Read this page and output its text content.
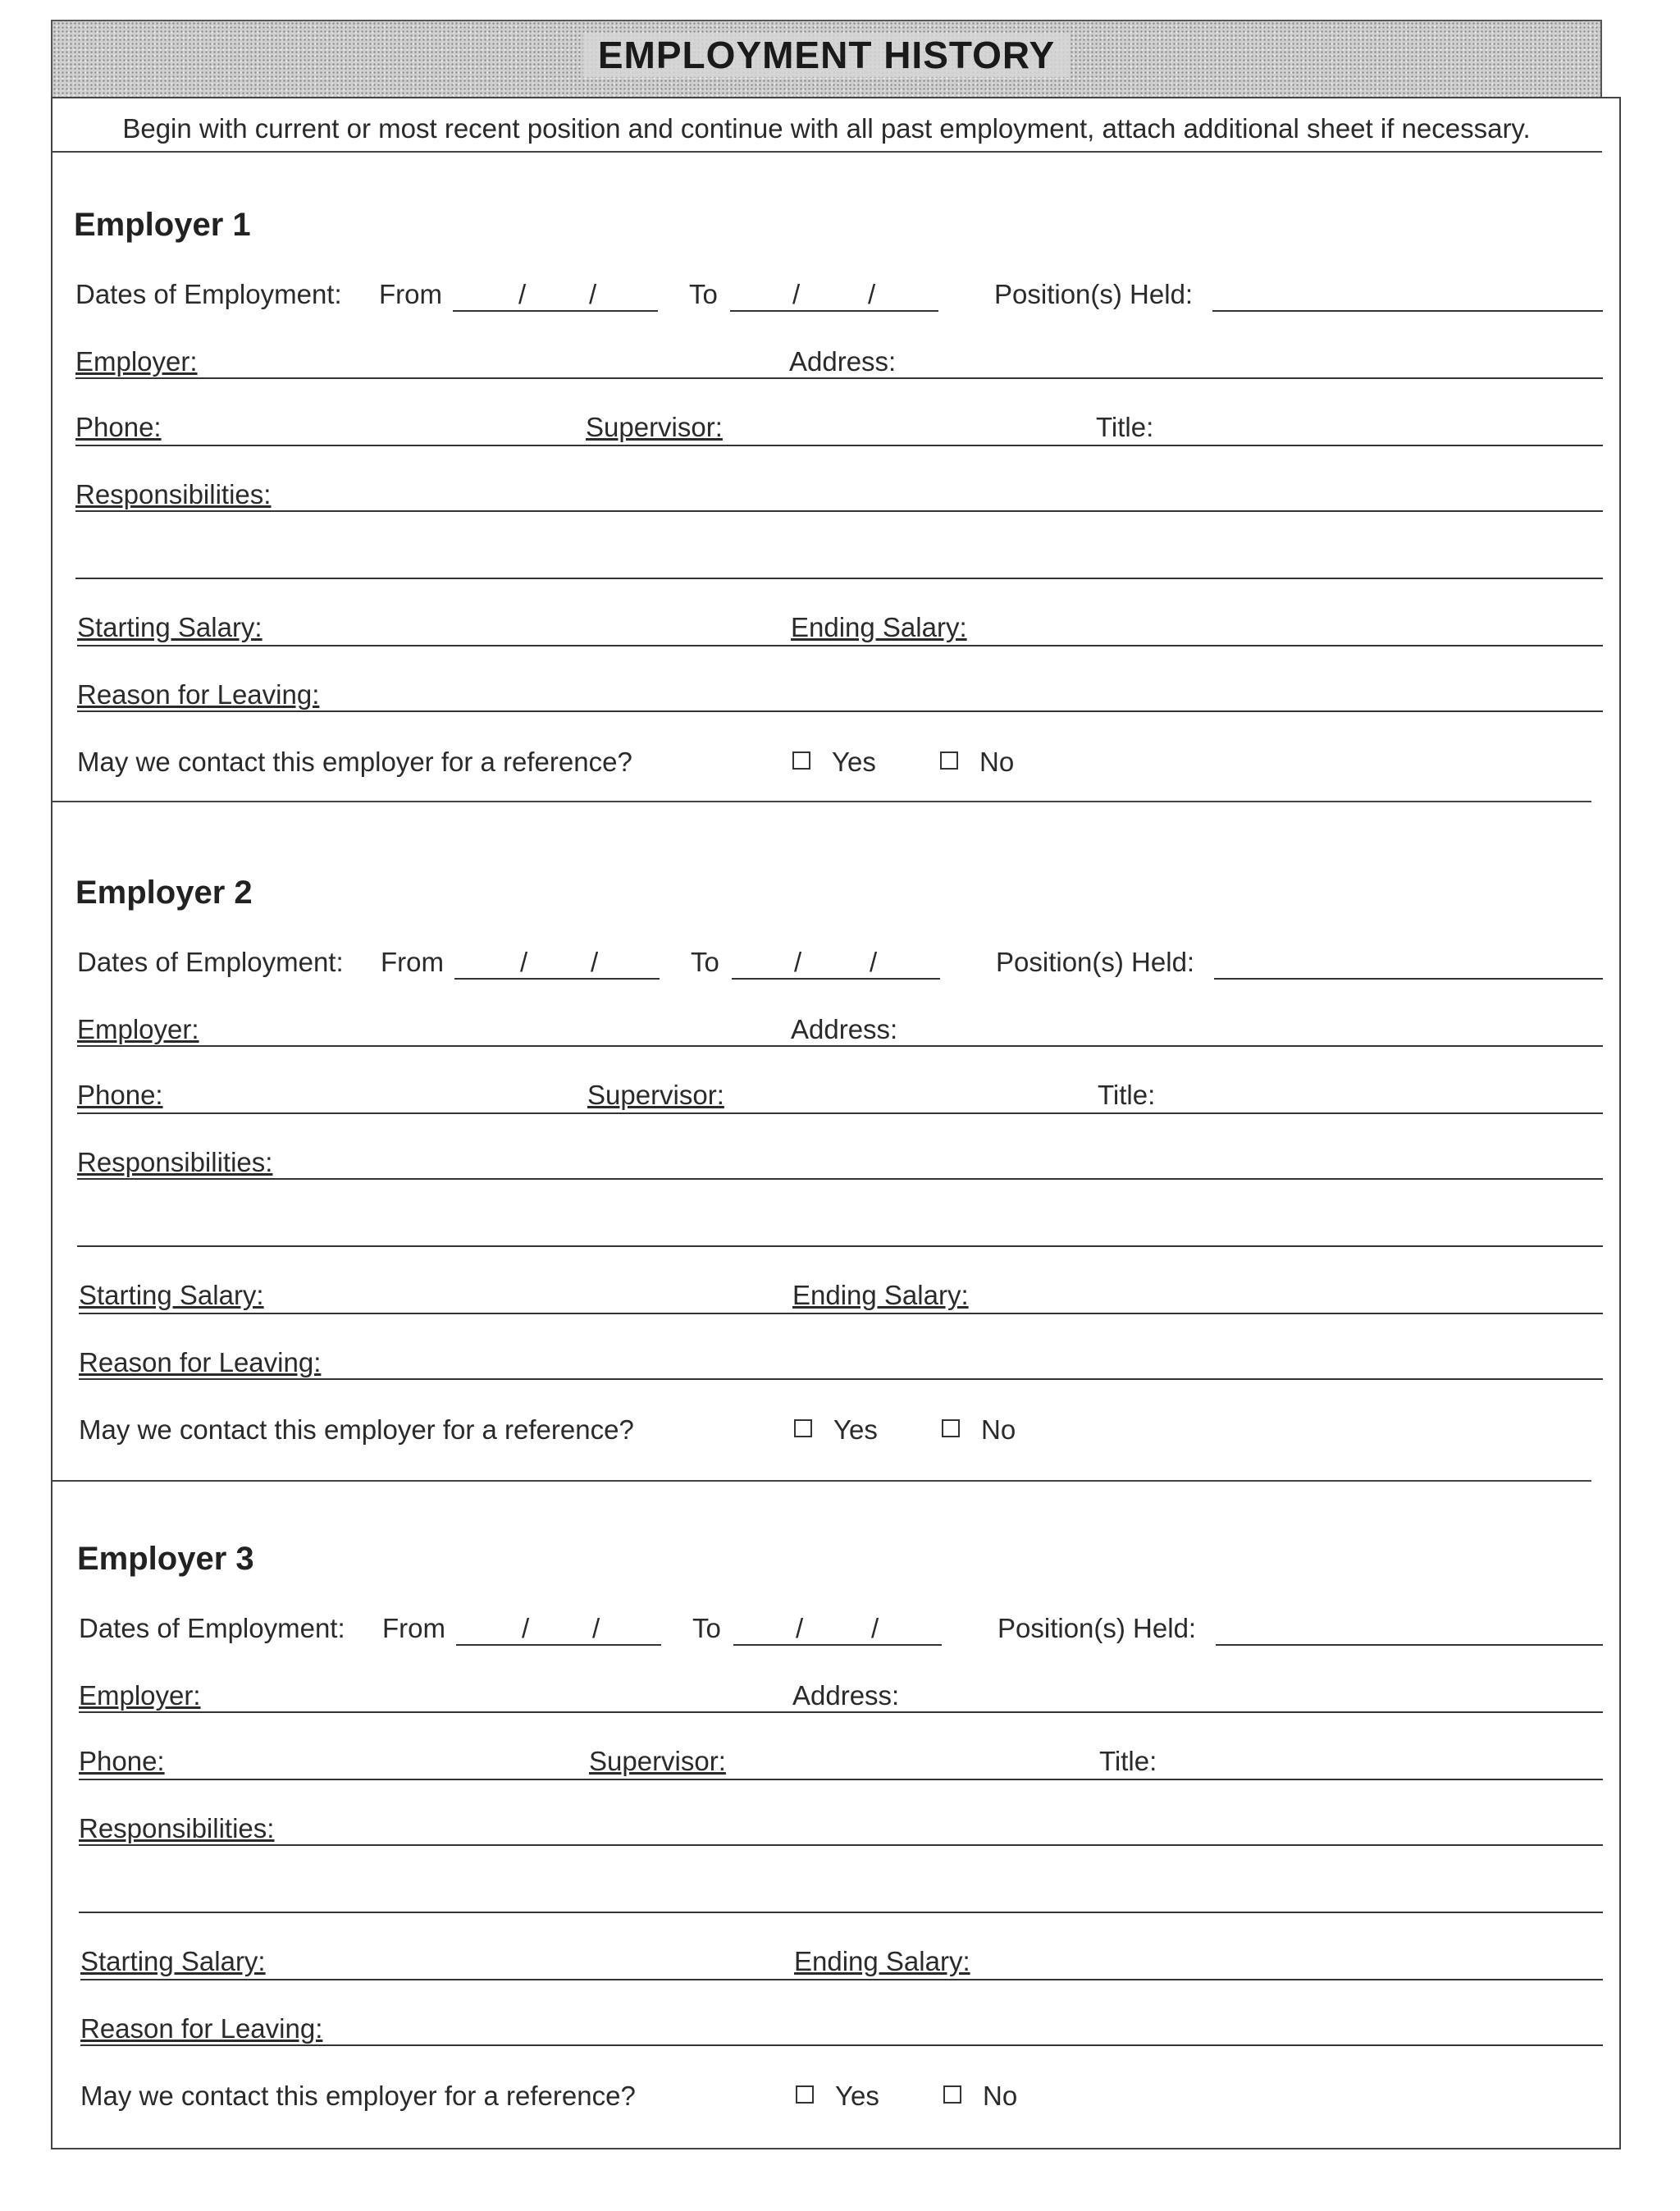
EMPLOYMENT HISTORY
Begin with current or most recent position and continue with all past employment, attach additional sheet if necessary.
Employer 1
Dates of Employment: From	/ /	To	/	/	Position(s) Held:
Employer:	Address:
Phone:	Supervisor:	Title:
Responsibilities:
Starting Salary:	Ending Salary:
Reason for Leaving:
May we contact this employer for a reference?	Yes	No
Employer 2
Dates of Employment: From	/ /	To	/	/	Position(s) Held:
Employer:	Address:
Phone:	Supervisor:	Title:
Responsibilities:
Starting Salary:	Ending Salary:
Reason for Leaving:
May we contact this employer for a reference?	Yes	No
Employer 3
Dates of Employment: From	/ /	To	/	/	Position(s) Held:
Employer:	Address:
Phone:	Supervisor:	Title:
Responsibilities:
Starting Salary:	Ending Salary:
Reason for Leaving:
May we contact this employer for a reference?	Yes	No
